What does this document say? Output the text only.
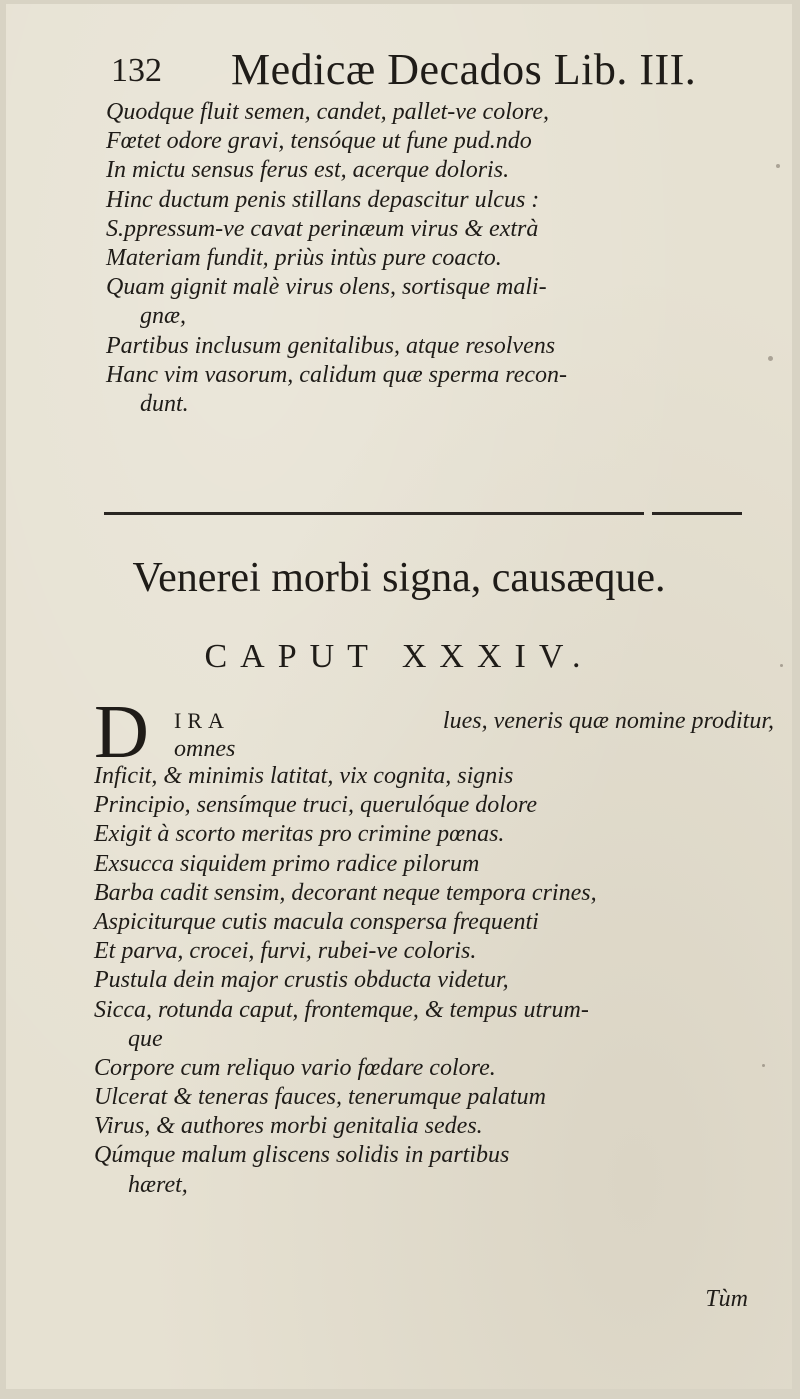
132 Medicæ Decados Lib. III.
Quodque fluit semen, candet, pallet-ve colore,
Fœtet odore gravi, tensóque ut fune pud.ndo
In mictu sensus ferus est, acerque doloris.
Hinc ductum penis stillans depascitur ulcus :
S.ppressum-ve cavat perinæum virus & extrà
Materiam fundit, priùs intùs pure coacto.
Quam gignit malè virus olens, sortisque mali-
gnæ,
Partibus inclusum genitalibus, atque resolvens
Hanc vim vasorum, calidum quæ sperma recon-
dunt.
Venerei morbi signa, causæque.
CAPUT XXXIV.
D IRA	lues, veneris quæ nomine proditur,
omnes
Inficit, & minimis latitat, vix cognita, signis
Principio, sensímque truci, querulóque dolore
Exigit à scorto meritas pro crimine pœnas.
Exsucca siquidem primo radice pilorum
Barba cadit sensim, decorant neque tempora crines,
Aspiciturque cutis macula conspersa frequenti
Et parva, crocei, furvi, rubei-ve coloris.
Pustula dein major crustis obducta videtur,
Sicca, rotunda caput, frontemque, & tempus utrum-
que
Corpore cum reliquo vario fœdare colore.
Ulcerat & teneras fauces, tenerumque palatum
Virus, & authores morbi genitalia sedes.
Qúmque malum gliscens solidis in partibus
hæret,
Tùm
